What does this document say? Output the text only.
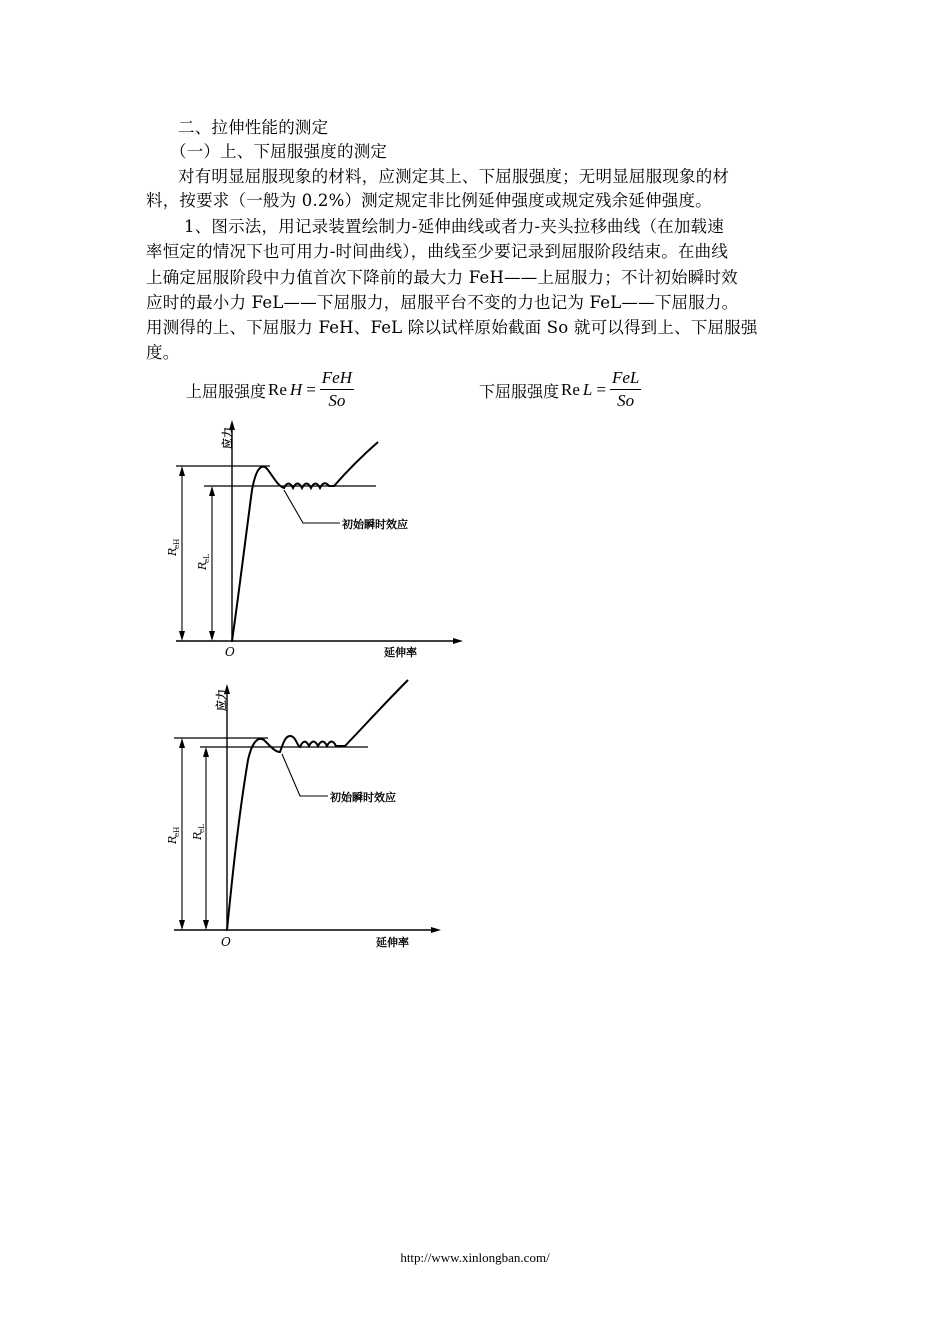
二、拉伸性能的测定
（一）上、下屈服强度的测定
对有明显屈服现象的材料，应测定其上、下屈服强度；无明显屈服现象的材
料，按要求（一般为 0.2%）测定规定非比例延伸强度或规定残余延伸强度。
1、图示法，用记录装置绘制力-延伸曲线或者力-夹头拉移曲线（在加载速
率恒定的情况下也可用力-时间曲线），曲线至少要记录到屈服阶段结束。在曲线
上确定屈服阶段中力值首次下降前的最大力 FeH——上屈服力；不计初始瞬时效
应时的最小力 FeL——下屈服力，屈服平台不变的力也记为 FeL——下屈服力。
用测得的上、下屈服力 FeH、FeL 除以试样原始截面 So 就可以得到上、下屈服强
度。
上屈服强度 Re $H = \frac{\text{FeH}}{So}$	下屈服强度 Re $L = \frac{\text{FeL}}{So}$
应力
延伸率
O
初始瞬时效应
R
eH
R
eL
应力
延伸率
O
初始瞬时效应
R
eH R
eL
http://www.xinlongban.com/
